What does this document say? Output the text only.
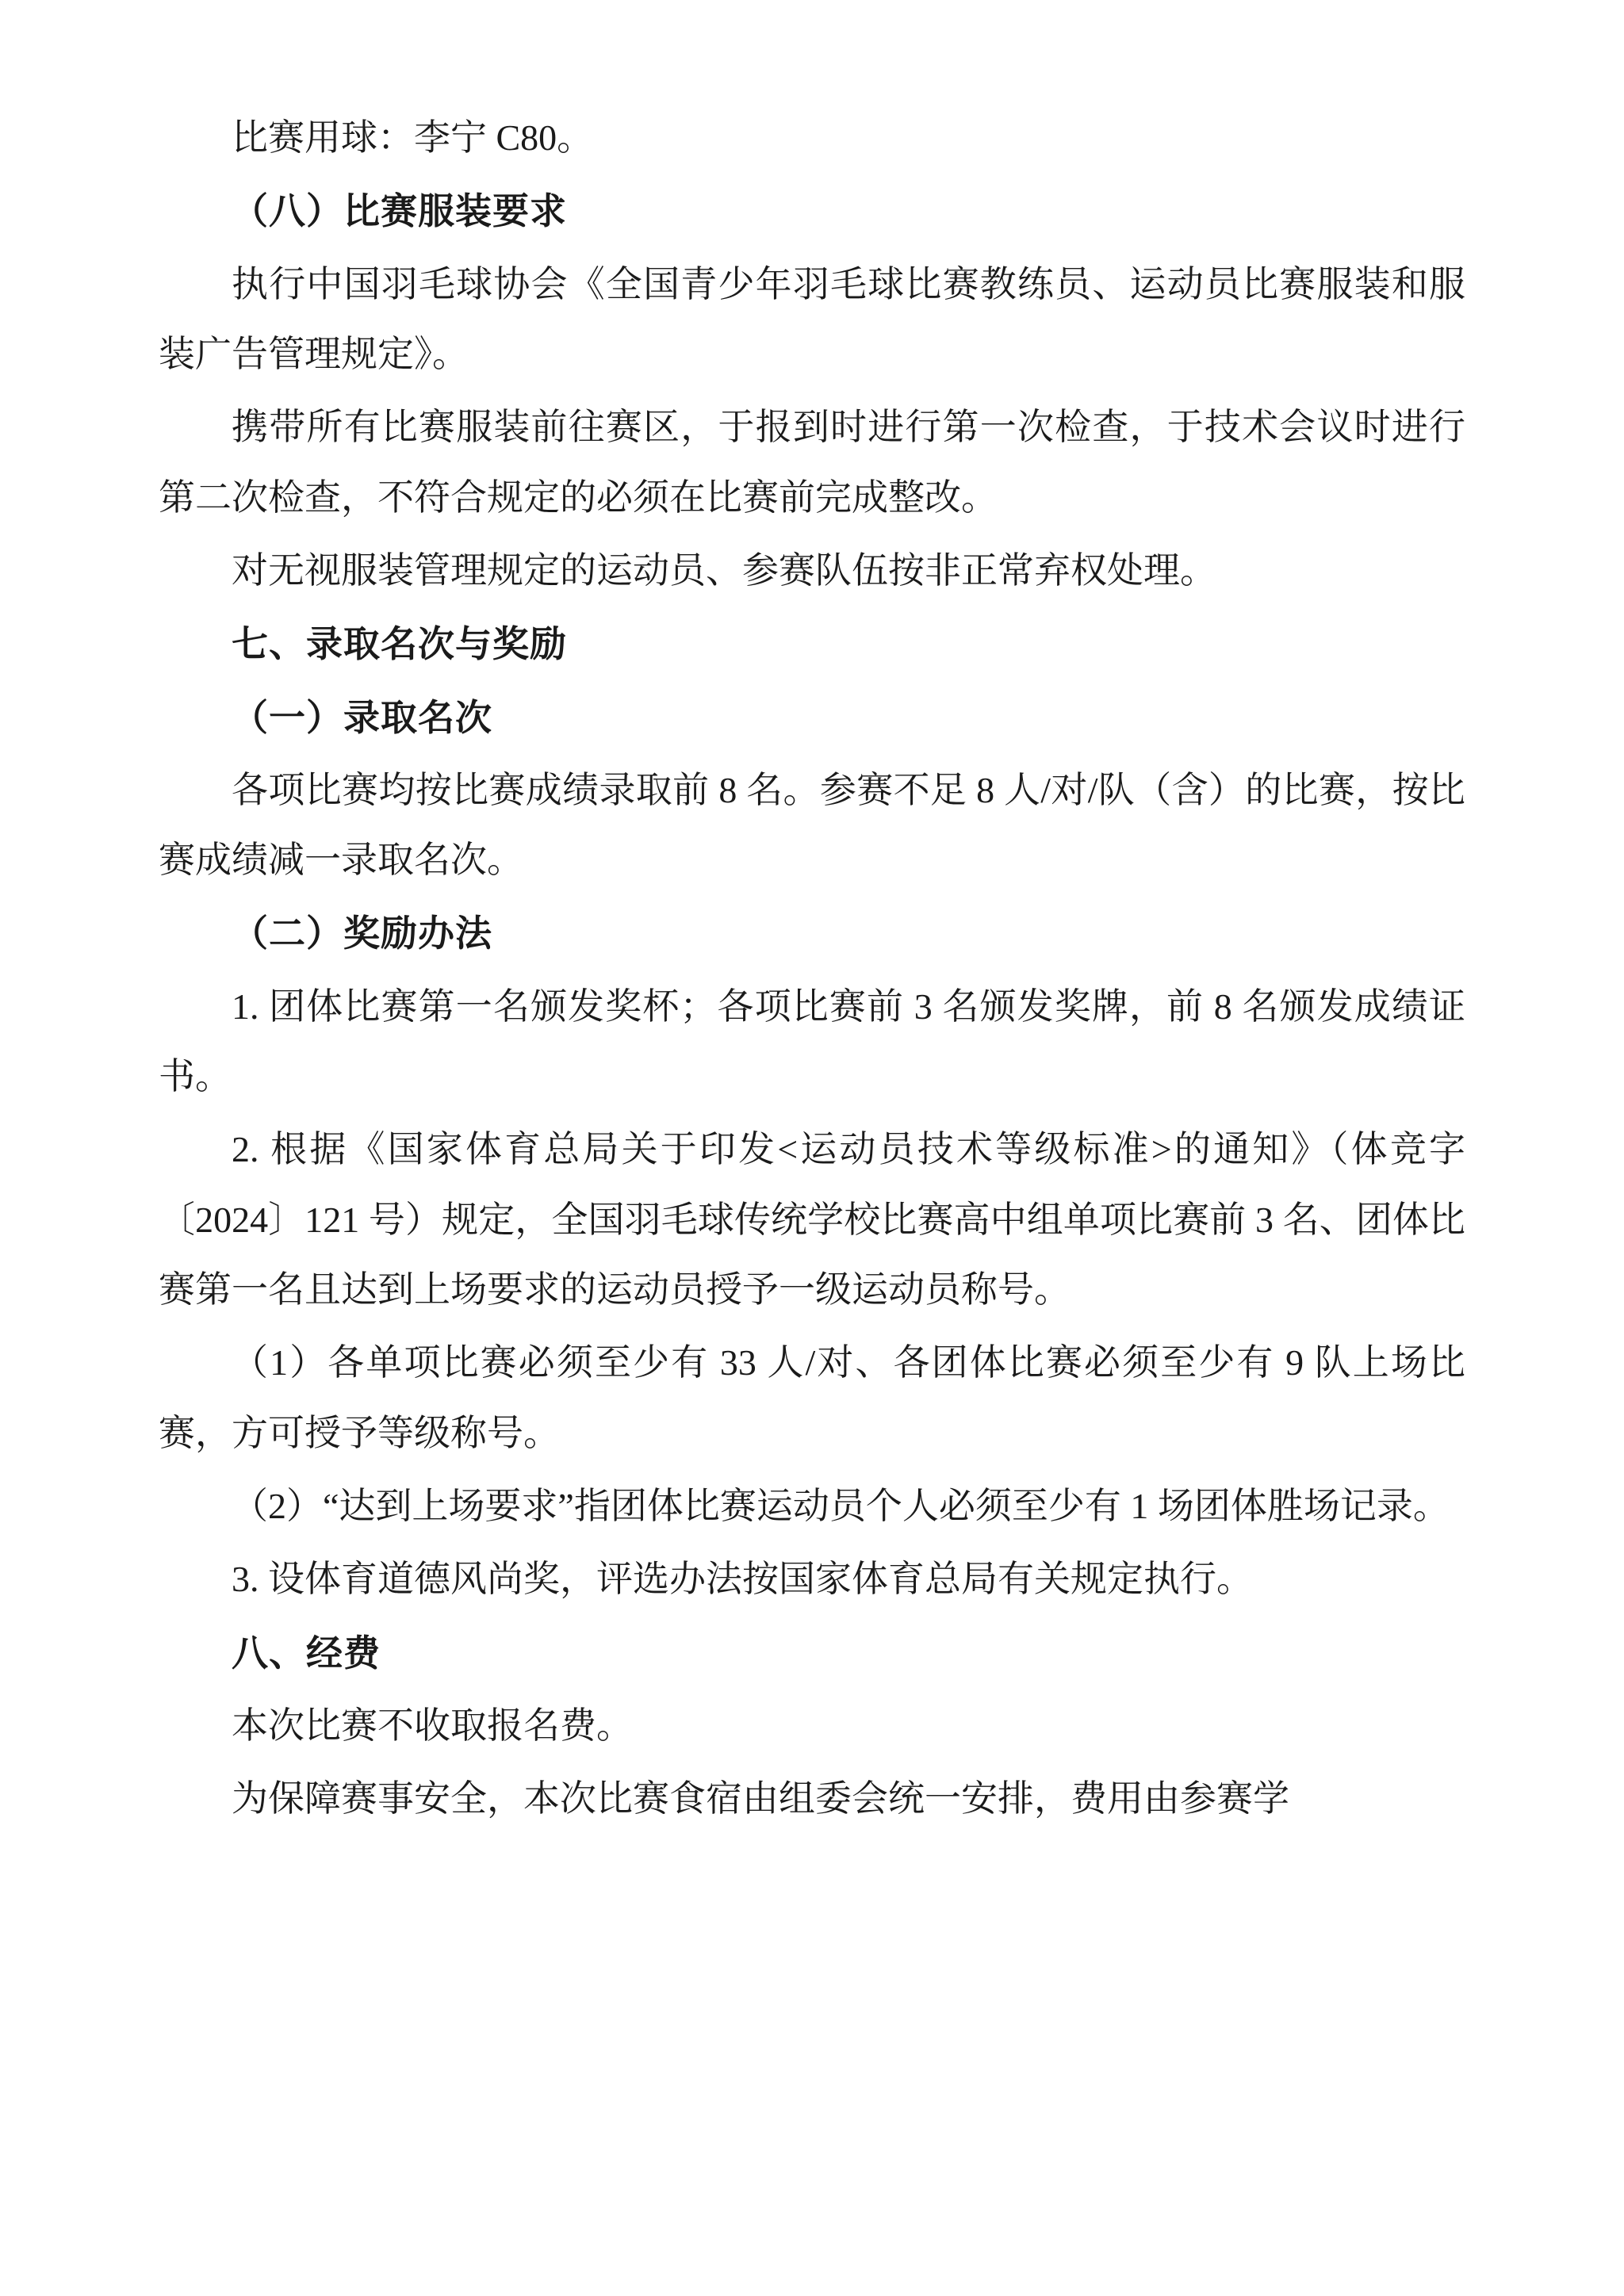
比赛用球：李宁 C80。

（八）比赛服装要求

执行中国羽毛球协会《全国青少年羽毛球比赛教练员、运动员比赛服装和服装广告管理规定》。

携带所有比赛服装前往赛区，于报到时进行第一次检查，于技术会议时进行第二次检查，不符合规定的必须在比赛前完成整改。

对无视服装管理规定的运动员、参赛队伍按非正常弃权处理。

七、录取名次与奖励

（一）录取名次

各项比赛均按比赛成绩录取前 8 名。参赛不足 8 人/对/队（含）的比赛，按比赛成绩减一录取名次。

（二）奖励办法

1. 团体比赛第一名颁发奖杯；各项比赛前 3 名颁发奖牌，前 8 名颁发成绩证书。

2. 根据《国家体育总局关于印发<运动员技术等级标准>的通知》（体竞字〔2024〕121 号）规定，全国羽毛球传统学校比赛高中组单项比赛前 3 名、团体比赛第一名且达到上场要求的运动员授予一级运动员称号。

（1）各单项比赛必须至少有 33 人/对、各团体比赛必须至少有 9 队上场比赛，方可授予等级称号。

（2）“达到上场要求”指团体比赛运动员个人必须至少有 1 场团体胜场记录。

3. 设体育道德风尚奖，评选办法按国家体育总局有关规定执行。

八、经费

本次比赛不收取报名费。

为保障赛事安全，本次比赛食宿由组委会统一安排，费用由参赛学
